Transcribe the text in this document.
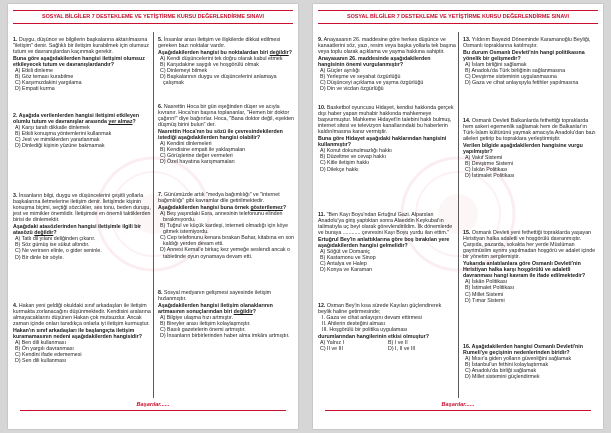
SOSYAL BİLGİLER 7 DESTEKLEME VE YETİŞTİRME KURSU DEĞERLENDİRME SINAVI

1. Duygu, düşünce ve bilgilerin başkalarına aktarılmasına "iletişim" denir. Sağlıklı bir iletişim kurabilmek için olumsuz tutum ve davranışlardan kaçınmak gerekir.

Buna göre aşağıdakilerden hangisi iletişimi olumsuz etkileyecek tutum ve davranışlardandır?

A) Etkili dinleme

B) Göz teması kurabilme

C) Karşımızdakini yargılama

D) Empati kurma

2. Aşağıda verilenlerden hangisi iletişimi etkileyen olumlu tutum ve davranışlar arasında yer almaz?

A) Karşı tarafı dikkatle dinlemek

B) Etkili konuşma yöntemlerini kullanmak

C) Jest ve mimiklerden yararlanmak

D) Dinlediği kişinin yüzüne bakmamak

3. İnsanların bilgi, duygu ve düşüncelerini çeşitli yollarla başkalarına iletmelerine iletişim denir. İletişimde kişinin konuşma biçimi, seçtiği sözcükler, ses tonu, beden duruşu, jest ve mimikler önemlidir. İletişimde en önemli taktiklerden birisi de dinlemektir.

Aşağıdaki atasözlerinden hangisi iletişimle ilgili bir atasözü değildir?

A) Tatlı dil yılanı deliğinden çıkarır.

B) Söz gümüş ise sükut altındır.

C) Ne verirsen elinle, o gider seninle.

D) Bir dinle bir söyle.

4. Hakan yeni geldiği okuldaki sınıf arkadaşları ile iletişim kurmakta zorlanacağını düşünmektedir. Kendisini aralarına almayacaklarını düşünen Hakan çok mutsuzdur. Ancak zaman içinde onları tanıdıkça onlarla iyi iletişim kurmuştur.

Hakan'ın sınıf arkadaşları ile başlangıçta iletişim kuramamasının nedeni aşağıdakilerden hangisidir?

A) Ben dili kullanması

B) Ön yargılı davranması

C) Kendini ifade edememesi

D) Sen dili kullanması

5. İnsanlar arası iletişim ve ilişkilerde dikkat edilmesi gereken bazı noktalar vardır.

Aşağıdakilerden hangisi bu noktalardan biri değildir?

A) Kendi düşüncelerini tek doğru olarak kabul etmek

B) Karşıdakine saygılı ve hoşgörülü olmak

C) Dinlemeyi bilmek

D) Başkalarının duygu ve düşüncelerini anlamaya çalışmak

6. Nasrettin Hoca bir gün eşeğinden düşer ve acıyla kıvranır. Hoca'nın başına toplananlar, "Hemen bir doktor çağırın!" diye bağırırlar. Hoca, "Bana doktor değil, eşekten düşmüş birini bulun" der.

Nasrettin Hoca'nın bu sözü ile çevresindekilerden istediği aşağıdakilerden hangisi olabilir?

A) Kendini dinlemeleri

B) Kendisine empati ile yaklaşmaları

C) Görüşlerine değer vermeleri

D) Özel hayatına karışmamaları

7. Günümüzde artık "medya bağımlılığı" ve "internet bağımlılığı" gibi kavramlar dile getirilmektedir.

Aşağıdakilerden hangisi buna örnek gösterilemez?

A) Beş yaşındaki Esra, annesinin telefonunu elinden bırakmıyordu.

B) Tuğrul ve küçük kardeşi, interneti olmadığı için köye gitmek istemiyordu.

C) Cep telefonunu kenara bırakan Bahar, kitabına en son kaldığı yerden devam etti.

D) Annesi Kemal'e birkaç kez yemeğe seslendi ancak o tabletinde oyun oynamaya devam etti.

8. Sosyal medyanın gelişmesi sayesinde iletişim hızlanmıştır.

Aşağıdakilerden hangisi iletişim olanaklarının artmasının sonuçlarından biri değildir?

A) Bilgiye ulaşma hızı artmıştır.

B) Bireyler arası iletişim kolaylaşmıştır.

C) Basılı gazetelerin önemi artmıştır.

D) İnsanların birbirlerinden haber alma imkânı artmıştır.

Başarılar......
SOSYAL BİLGİLER 7 DESTEKLEME VE YETİŞTİRME KURSU DEĞERLENDİRME SINAVI

9. Anayasanın 26. maddesine göre herkes düşünce ve kanaatlerini söz, yazı, resim veya başka yollarla tek başına veya toplu olarak açıklama ve yayma hakkına sahiptir.

Anayasanın 26. maddesinde aşağıdakilerden hangisinin önemi vurgulanmıştır?

A) Güçler ayrılığı

B) Yerleşme ve seyahat özgürlüğü

C) Düşünceyi açıklama ve yayma özgürlüğü

D) Din ve vicdan özgürlüğü

10. Basketbol oyuncusu Hidayet, kendisi hakkında gerçek dışı haber yapan muhabir hakkında mahkemeye başvurmuştur. Mahkeme Hidayet'in talebini haklı bulmuş, internet sitesi ve televizyon kanallarındaki bu haberlerin kaldırılmasına karar vermiştir.

Buna göre Hidayet aşağıdaki haklarından hangisini kullanmıştır?

A) Konut dokunulmazlığı hakkı

B) Düzeltme ve cevap hakkı

C) Kitle iletişim hakkı

D) Dilekçe hakkı

11. "Ben Kayı Boyu'ndan Ertuğrul Gazi. Alparslan Anadolu'ya giriş yaptıktan sonra Alaeddin Keykubat'ın talimatıyla uç beyi olarak görevlendirildim. İlk dönemlerde ve buraya ............ çevresini Kayı Boyu yurdu ilan ettim."

Ertuğrul Bey'in anlattıklarına göre boş bırakılan yere aşağıdakilerden hangisi gelmelidir?

A) Söğüt ve Domaniç

B) Kastamonu ve Sinop

C) Antalya ve Halep

D) Konya ve Karaman

12. Osman Bey'in kısa sürede Kayıları güçlendirerek beylik haline getirmesinde;

I. Gaza ve cihat anlayışını devam ettirmesi

II. Ahilerin desteğini alması

III. Hoşgörülü bir politika uygulaması

durumlarından hangilerinin etkisi olmuştur?

A) Yalnız I	B) I ve II
C) II ve III	D) I, II ve III

13. Yıldırım Bayezid Döneminde Karamanoğlu Beyliği, Osmanlı topraklarına katılmıştır.

Bu durum Osmanlı Devleti'nin hangi politikasına yönelik bir gelişmedir?

A) İslam birliğini sağlamak

B) Anadolu'da Türk birliğinin sağlanmasına

C) Devşirme sisteminin uygulanmasına

D) Gaza ve cihat anlayışıyla fetihler yapılmasına

14. Osmanlı Devleti Balkanlarda fethettiği topraklarda hem askeri egemenlik sağlamak hem de Balkanlar'ın Türk-İslam kültürünü yaymak amacıyla Anadolu'dan bazı aileleri getirip bu topraklara yerleştirmiştir.

Verilen bilgide aşağıdakilerden hangisine vurgu yapılmıştır?

A) Vakıf Sistemi

B) Devşirme Sistemi

C) İskân Politikası

D) İstimalet Politikası

15. Osmanlı Devleti yeni fethettiği topraklarda yaşayan Hıristiyan halka adaletli ve hoşgörülü davranmıştır. Çarşıda, pazarda, sokakta her yerde Müslüman gayrimüslim ayrımı yapılmadan hoşgörü ve adalet içinde bir yönetim sergilemiştir.

Yukarıda anlatılanlara göre Osmanlı Devleti'nin Hıristiyan halka karşı hoşgörülü ve adaletli davranması hangi kavram ile ifade edilmektedir?

A) İskân Politikası

B) İstimalet Politikası

C) Millet Sistemi

D) Tımar Sistemi

16. Aşağıdakilerden hangisi Osmanlı Devleti'nin Rumeli'ye geçişinin nedenlerinden biridir?

A) Mısır'a giden yolların güvenliğini sağlamak

B) İstanbul'un fethini kolaylaştırmak

C) Anadolu'da birliği sağlamak

D) Millet sistemini güçlendirmek

Başarılar......
